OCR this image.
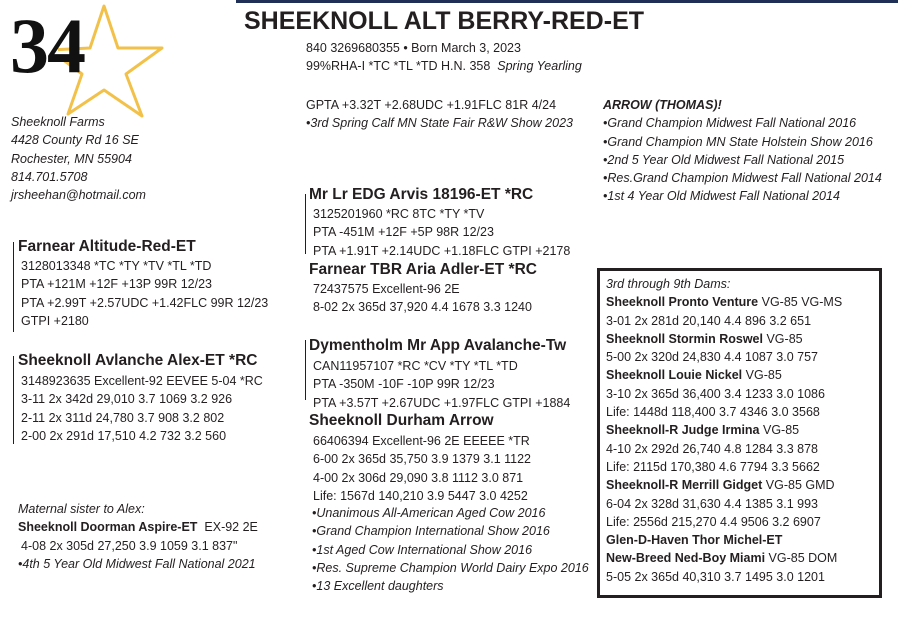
34	SHEEKNOLL ALT BERRY-RED-ET
840 3269680355 • Born March 3, 2023
99%RHA-I *TC *TL *TD H.N. 358 Spring Yearling
GPTA +3.32T +2.68UDC +1.91FLC 81R 4/24
•3rd Spring Calf MN State Fair R&W Show 2023
Sheeknoll Farms
4428 County Rd 16 SE
Rochester, MN 55904
814.701.5708
jrsheehan@hotmail.com
ARROW (THOMAS)!
•Grand Champion Midwest Fall National 2016
•Grand Champion MN State Holstein Show 2016
•2nd 5 Year Old Midwest Fall National 2015
•Res.Grand Champion Midwest Fall National 2014
•1st 4 Year Old Midwest Fall National 2014
Mr Lr EDG Arvis 18196-ET *RC
3125201960 *RC 8TC *TY *TV
PTA -451M +12F +5P 98R 12/23
PTA +1.91T +2.14UDC +1.18FLC GTPI +2178
Farnear Altitude-Red-ET
3128013348 *TC *TY *TV *TL *TD
PTA +121M +12F +13P 99R 12/23
PTA +2.99T +2.57UDC +1.42FLC 99R 12/23
GTPI +2180
Farnear TBR Aria Adler-ET *RC
72437575 Excellent-96 2E
8-02 2x 365d 37,920 4.4 1678 3.3 1240
Dymentholm Mr App Avalanche-Tw
CAN11957107 *RC *CV *TY *TL *TD
PTA -350M -10F -10P 99R 12/23
PTA +3.57T +2.67UDC +1.97FLC GTPI +1884
Sheeknoll Avlanche Alex-ET *RC
3148923635 Excellent-92 EEVEE 5-04 *RC
3-11 2x 342d 29,010 3.7 1069 3.2 926
2-11 2x 311d 24,780 3.7 908 3.2 802
2-00 2x 291d 17,510 4.2 732 3.2 560
Sheeknoll Durham Arrow
66406394 Excellent-96 2E EEEEE *TR
6-00 2x 365d 35,750 3.9 1379 3.1 1122
4-00 2x 306d 29,090 3.8 1112 3.0 871
Life: 1567d 140,210 3.9 5447 3.0 4252
•Unanimous All-American Aged Cow 2016
•Grand Champion International Show 2016
•1st Aged Cow International Show 2016
•Res. Supreme Champion World Dairy Expo 2016
•13 Excellent daughters
Maternal sister to Alex:
Sheeknoll Doorman Aspire-ET EX-92 2E
4-08 2x 305d 27,250 3.9 1059 3.1 837"
•4th 5 Year Old Midwest Fall National 2021
3rd through 9th Dams:
Sheeknoll Pronto Venture VG-85 VG-MS
3-01 2x 281d 20,140 4.4 896 3.2 651
Sheeknoll Stormin Roswel VG-85
5-00 2x 320d 24,830 4.4 1087 3.0 757
Sheeknoll Louie Nickel VG-85
3-10 2x 365d 36,400 3.4 1233 3.0 1086
Life: 1448d 118,400 3.7 4346 3.0 3568
Sheeknoll-R Judge Irmina VG-85
4-10 2x 292d 26,740 4.8 1284 3.3 878
Life: 2115d 170,380 4.6 7794 3.3 5662
Sheeknoll-R Merrill Gidget VG-85 GMD
6-04 2x 328d 31,630 4.4 1385 3.1 993
Life: 2556d 215,270 4.4 9506 3.2 6907
Glen-D-Haven Thor Michel-ET
New-Breed Ned-Boy Miami VG-85 DOM
5-05 2x 365d 40,310 3.7 1495 3.0 1201
